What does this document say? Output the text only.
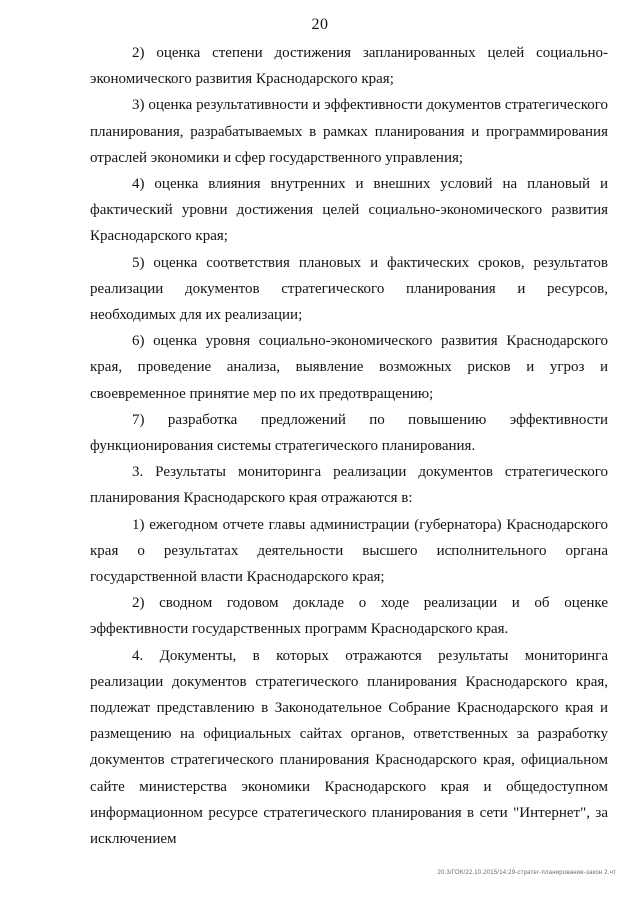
20

2) оценка степени достижения запланированных целей социально-экономического развития Краснодарского края;

3) оценка результативности и эффективности документов стратегического планирования, разрабатываемых в рамках планирования и программирования отраслей экономики и сфер государственного управления;

4) оценка влияния внутренних и внешних условий на плановый и фактический уровни достижения целей социально-экономического развития Краснодарского края;

5) оценка соответствия плановых и фактических сроков, результатов реализации документов стратегического планирования и ресурсов, необходимых для их реализации;

6) оценка уровня социально-экономического развития Краснодарского края, проведение анализа, выявление возможных рисков и угроз и своевременное принятие мер по их предотвращению;

7) разработка предложений по повышению эффективности функционирования системы стратегического планирования.

3. Результаты мониторинга реализации документов стратегического планирования Краснодарского края отражаются в:

1) ежегодном отчете главы администрации (губернатора) Краснодарского края о результатах деятельности высшего исполнительного органа государственной власти Краснодарского края;

2) сводном годовом докладе о ходе реализации и об оценке эффективности государственных программ Краснодарского края.

4. Документы, в которых отражаются результаты мониторинга реализации документов стратегического планирования Краснодарского края, подлежат представлению в Законодательное Собрание Краснодарского края и размещению на официальных сайтах органов, ответственных за разработку документов стратегического планирования Краснодарского края, официальном сайте министерства экономики Краснодарского края и общедоступном информационном ресурсе стратегического планирования в сети "Интернет", за исключением

20.3/ГОК/22.10.2015/14:29-стратег-планирование-закон 2.чт
